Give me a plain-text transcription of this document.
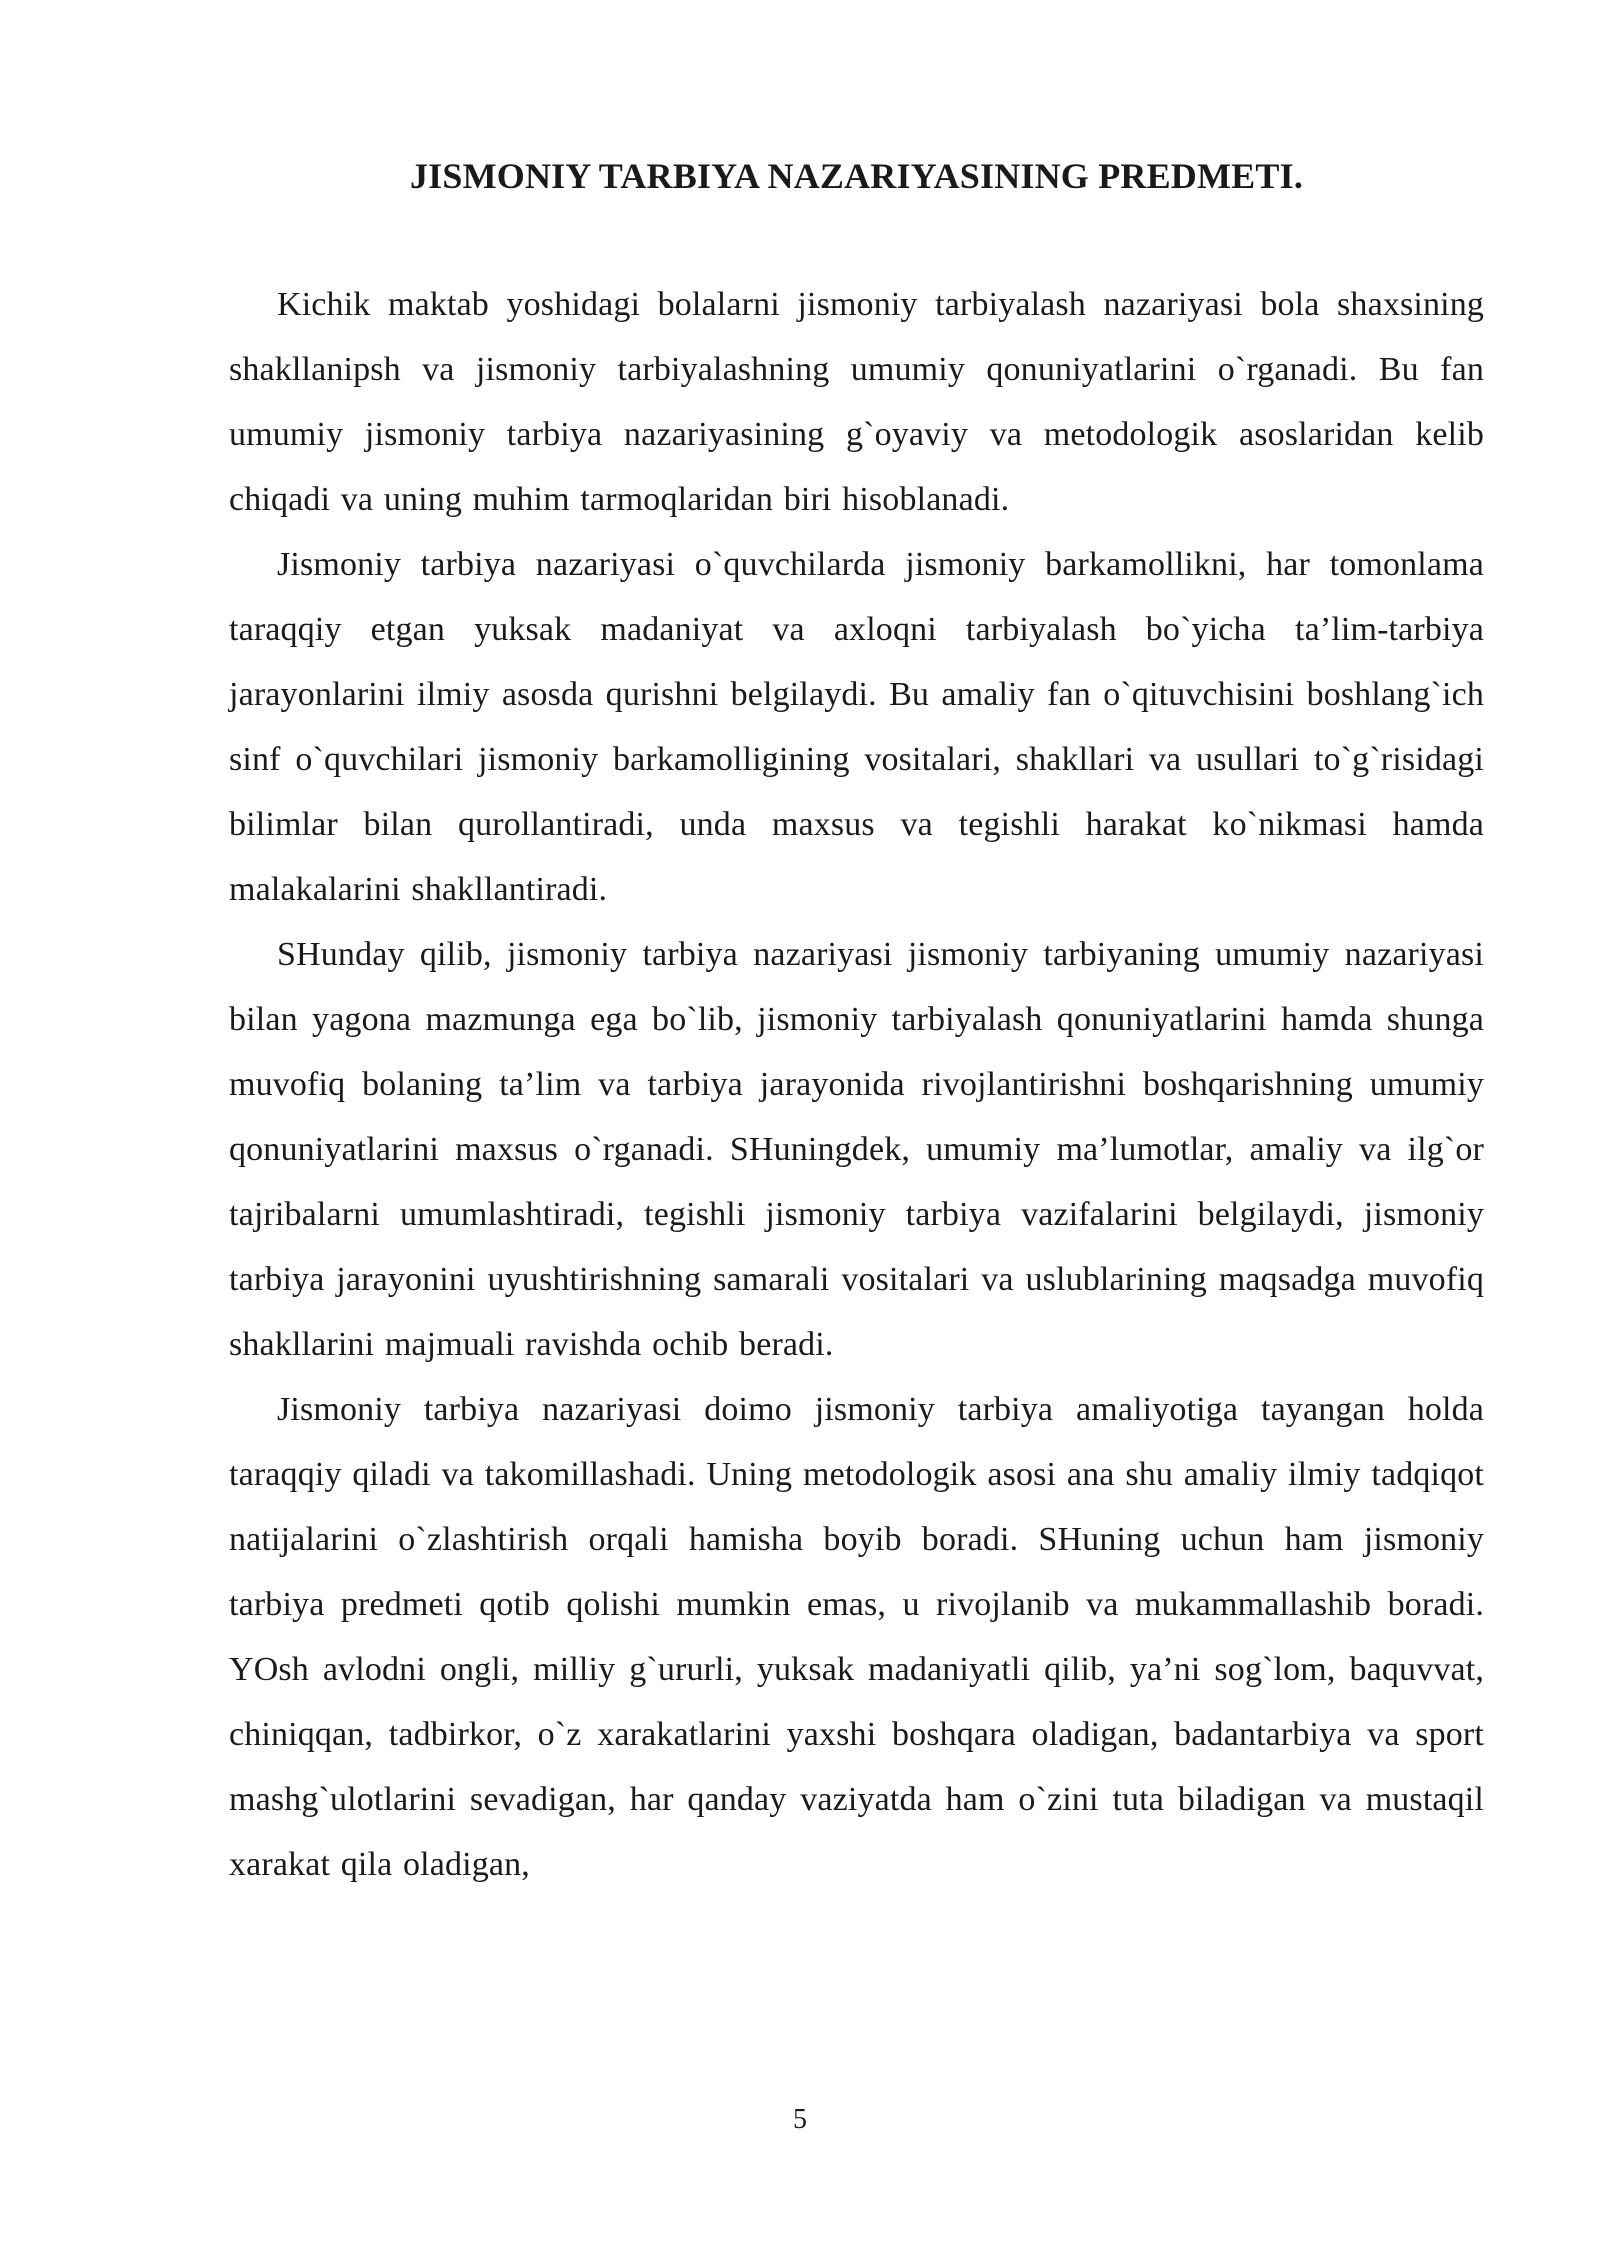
JISMONIY TARBIYA NAZARIYASINING PREDMETI.

Kichik maktab yoshidagi bolalarni jismoniy tarbiyalash nazariyasi bola shaxsining shakllanipsh va jismoniy tarbiyalashning umumiy qonuniyatlarini o`rganadi. Bu fan umumiy jismoniy tarbiya nazariyasining g`oyaviy va metodologik asoslaridan kelib chiqadi va uning muhim tarmoqlaridan biri hisoblanadi.

Jismoniy tarbiya nazariyasi o`quvchilarda jismoniy barkamollikni, har tomonlama taraqqiy etgan yuksak madaniyat va axloqni tarbiyalash bo`yicha ta’lim-tarbiya jarayonlarini ilmiy asosda qurishni belgilaydi. Bu amaliy fan o`qituvchisini boshlang`ich sinf o`quvchilari jismoniy barkamolligining vositalari, shakllari va usullari to`g`risidagi bilimlar bilan qurollantiradi, unda maxsus va tegishli harakat ko`nikmasi hamda malakalarini shakllantiradi.

SHunday qilib, jismoniy tarbiya nazariyasi jismoniy tarbiyaning umumiy nazariyasi bilan yagona mazmunga ega bo`lib, jismoniy tarbiyalash qonuniyatlarini hamda shunga muvofiq bolaning ta’lim va tarbiya jarayonida rivojlantirishni boshqarishning umumiy qonuniyatlarini maxsus o`rganadi. SHuningdek, umumiy ma’lumotlar, amaliy va ilg`or tajribalarni umumlashtiradi, tegishli jismoniy tarbiya vazifalarini belgilaydi, jismoniy tarbiya jarayonini uyushtirishning samarali vositalari va uslublarining maqsadga muvofiq shakllarini majmuali ravishda ochib beradi.

Jismoniy tarbiya nazariyasi doimo jismoniy tarbiya amaliyotiga tayangan holda taraqqiy qiladi va takomillashadi. Uning metodologik asosi ana shu amaliy ilmiy tadqiqot natijalarini o`zlashtirish orqali hamisha boyib boradi. SHuning uchun ham jismoniy tarbiya predmeti qotib qolishi mumkin emas, u rivojlanib va mukammallashib boradi. YOsh avlodni ongli, milliy g`ururli, yuksak madaniyatli qilib, ya’ni sog`lom, baquvvat, chiniqqan, tadbirkor, o`z xarakatlarini yaxshi boshqara oladigan, badantarbiya va sport mashg`ulotlarini sevadigan, har qanday vaziyatda ham o`zini tuta biladigan va mustaqil xarakat qila oladigan,

5
